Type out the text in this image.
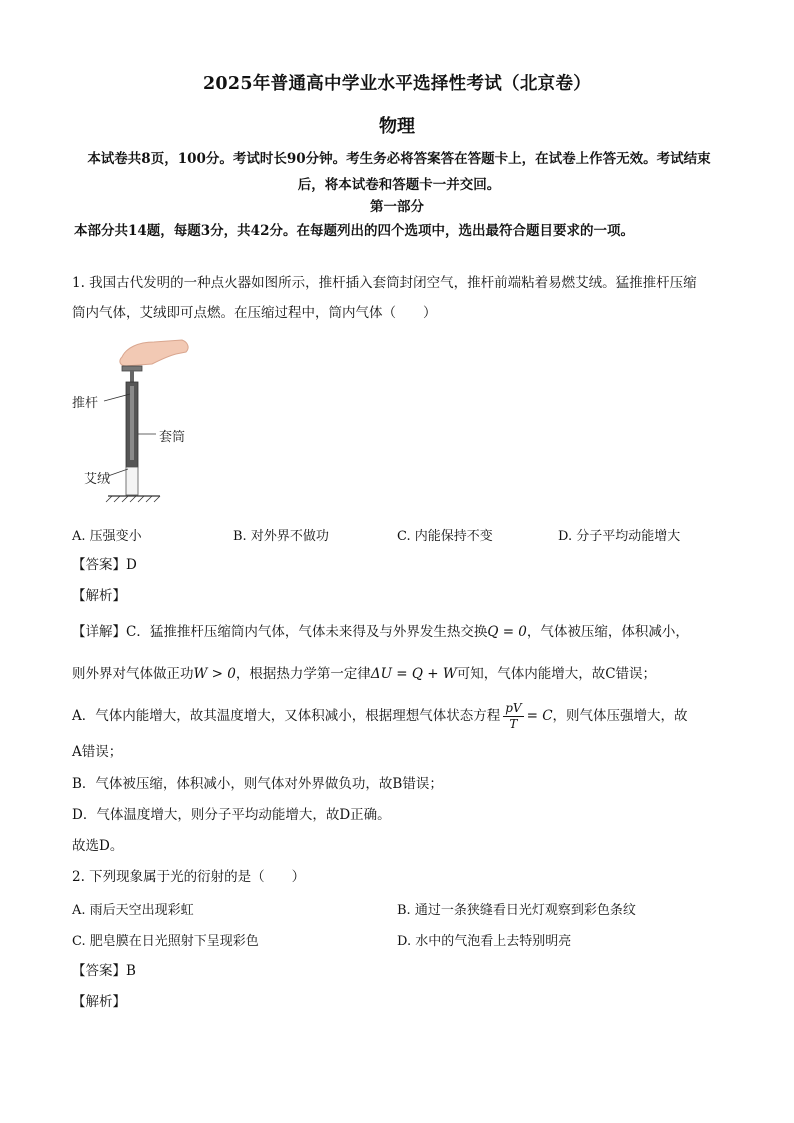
2025年普通高中学业水平选择性考试（北京卷）
物理
本试卷共8页，100分。考试时长90分钟。考生务必将答案答在答题卡上，在试卷上作答无效。考试结束后，将本试卷和答题卡一并交回。
第一部分
本部分共14题，每题3分，共42分。在每题列出的四个选项中，选出最符合题目要求的一项。
1. 我国古代发明的一种点火器如图所示，推杆插入套筒封闭空气，推杆前端粘着易燃艾绒。猛推推杆压缩
筒内气体，艾绒即可点燃。在压缩过程中，筒内气体（　　）
推杆
套筒
艾绒
A. 压强变小	B. 对外界不做功	C. 内能保持不变	D. 分子平均动能增大
【答案】D
【解析】
【详解】C．猛推推杆压缩筒内气体，气体未来得及与外界发生热交换Q = 0，气体被压缩，体积减小，
则外界对气体做正功W > 0，根据热力学第一定律ΔU = Q + W可知，气体内能增大，故C错误；
A．气体内能增大，故其温度增大，又体积减小，根据理想气体状态方程 $\frac{pV}{T} = C$，则气体压强增大，故
A错误；
B．气体被压缩，体积减小，则气体对外界做负功，故B错误；
D．气体温度增大，则分子平均动能增大，故D正确。
故选D。
2. 下列现象属于光的衍射的是（　　）
A. 雨后天空出现彩虹	B. 通过一条狭缝看日光灯观察到彩色条纹
C. 肥皂膜在日光照射下呈现彩色	D. 水中的气泡看上去特别明亮
【答案】B
【解析】
